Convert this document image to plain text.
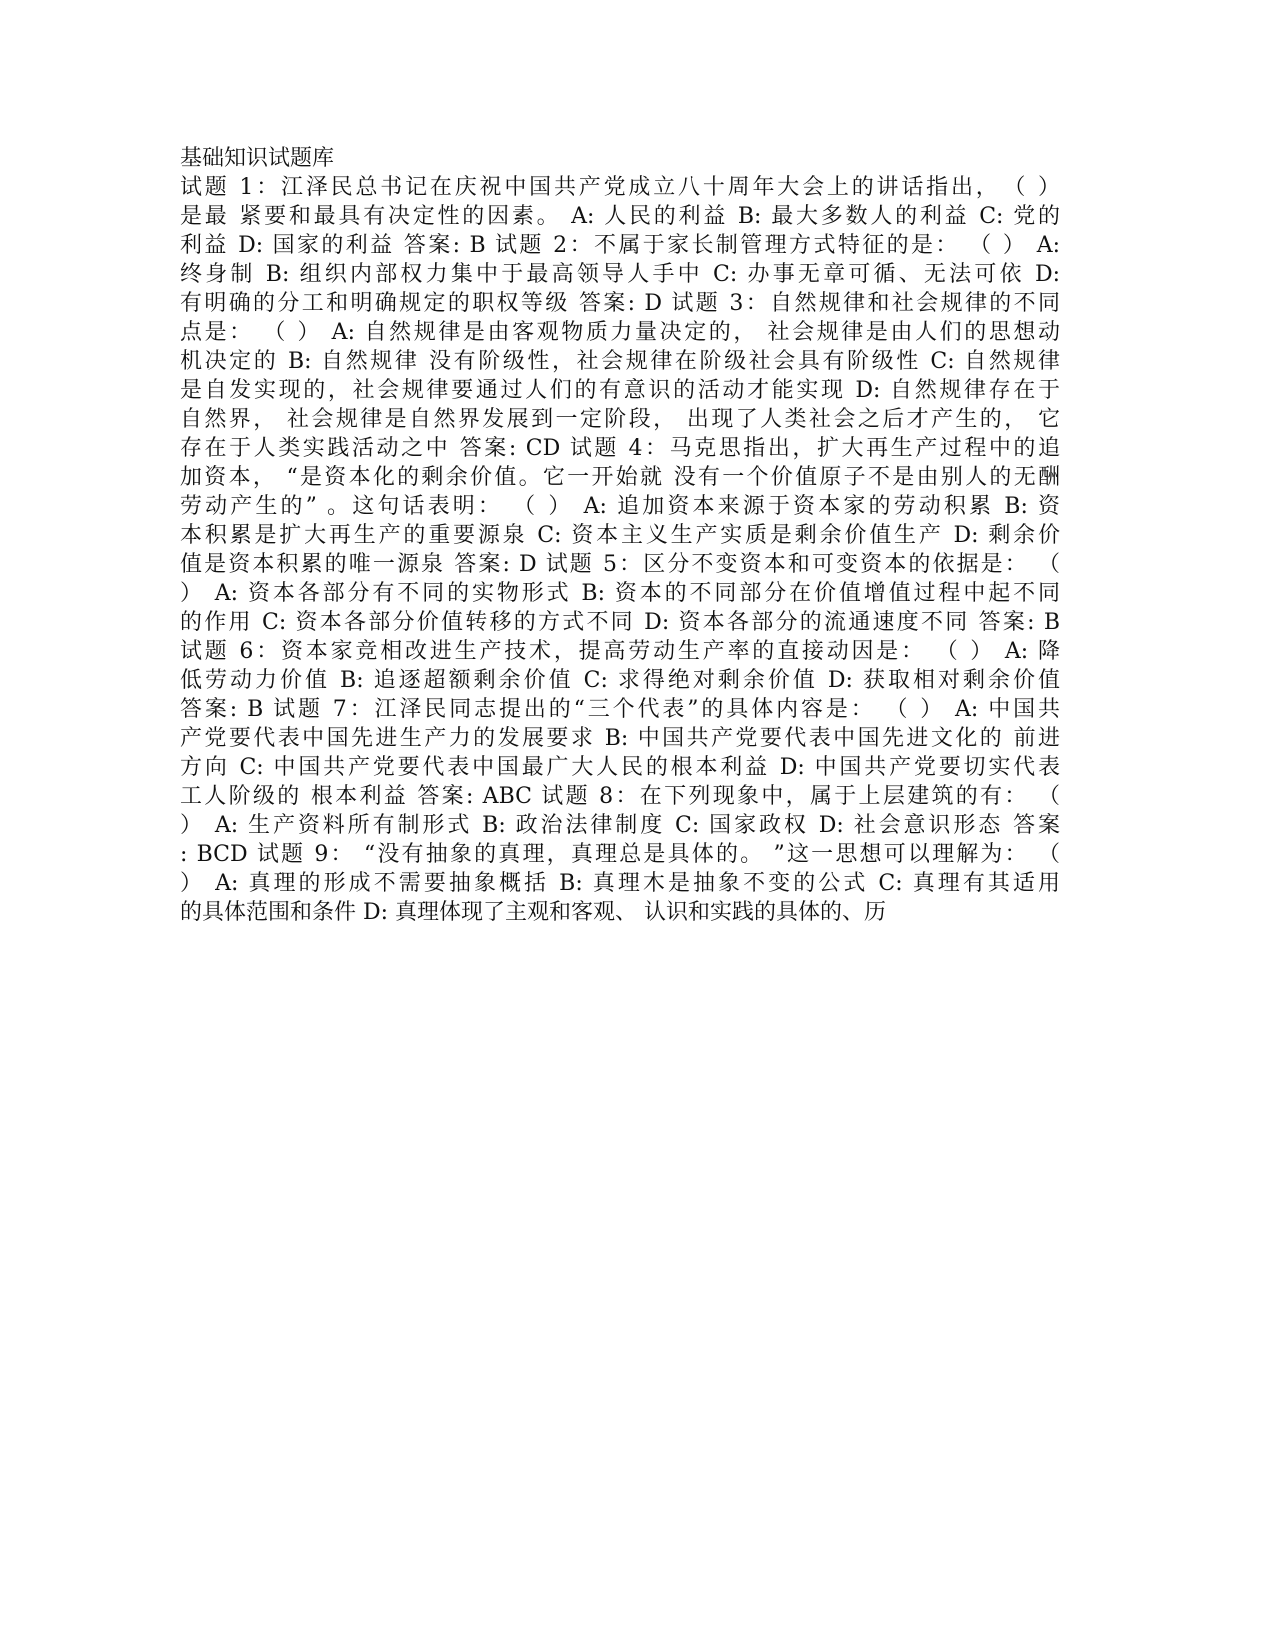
基础知识试题库
试题 1：江泽民总书记在庆祝中国共产党成立八十周年大会上的讲话指出，　（ ）
是最 紧要和最具有决定性的因素。 A: 人民的利益 B: 最大多数人的利益 C: 党的
利益 D: 国家的利益 答案: B 试题 2：不属于家长制管理方式特征的是： （ ） A:
终身制 B: 组织内部权力集中于最高领导人手中 C: 办事无章可循、无法可依 D:
有明确的分工和明确规定的职权等级 答案: D 试题 3：自然规律和社会规律的不同
点是： （ ） A: 自然规律是由客观物质力量决定的， 社会规律是由人们的思想动
机决定的 B: 自然规律 没有阶级性，社会规律在阶级社会具有阶级性 C: 自然规律
是自发实现的，社会规律要通过人们的有意识的活动才能实现 D: 自然规律存在于
自然界， 社会规律是自然界发展到一定阶段， 出现了人类社会之后才产生的， 它
存在于人类实践活动之中 答案: CD 试题 4：马克思指出，扩大再生产过程中的追
加资本， “是资本化的剩余价值。它一开始就 没有一个价值原子不是由别人的无酬
劳动产生的” 。这句话表明： （ ） A: 追加资本来源于资本家的劳动积累 B: 资
本积累是扩大再生产的重要源泉 C: 资本主义生产实质是剩余价值生产 D: 剩余价
值是资本积累的唯一源泉 答案: D 试题 5：区分不变资本和可变资本的依据是： （
） A: 资本各部分有不同的实物形式 B: 资本的不同部分在价值增值过程中起不同
的作用 C: 资本各部分价值转移的方式不同 D: 资本各部分的流通速度不同 答案: B
试题 6：资本家竞相改进生产技术，提高劳动生产率的直接动因是： （ ） A: 降
低劳动力价值 B: 追逐超额剩余价值 C: 求得绝对剩余价值 D: 获取相对剩余价值
答案: B 试题 7：江泽民同志提出的“三个代表”的具体内容是： （ ） A: 中国共
产党要代表中国先进生产力的发展要求 B: 中国共产党要代表中国先进文化的 前进
方向 C: 中国共产党要代表中国最广大人民的根本利益 D: 中国共产党要切实代表
工人阶级的 根本利益 答案: ABC 试题 8：在下列现象中，属于上层建筑的有： （
） A: 生产资料所有制形式 B: 政治法律制度 C: 国家政权 D: 社会意识形态 答案
: BCD 试题 9： “没有抽象的真理，真理总是具体的。 ”这一思想可以理解为： （
） A: 真理的形成不需要抽象概括 B: 真理木是抽象不变的公式 C: 真理有其适用
的具体范围和条件 D: 真理体现了主观和客观、 认识和实践的具体的、历
